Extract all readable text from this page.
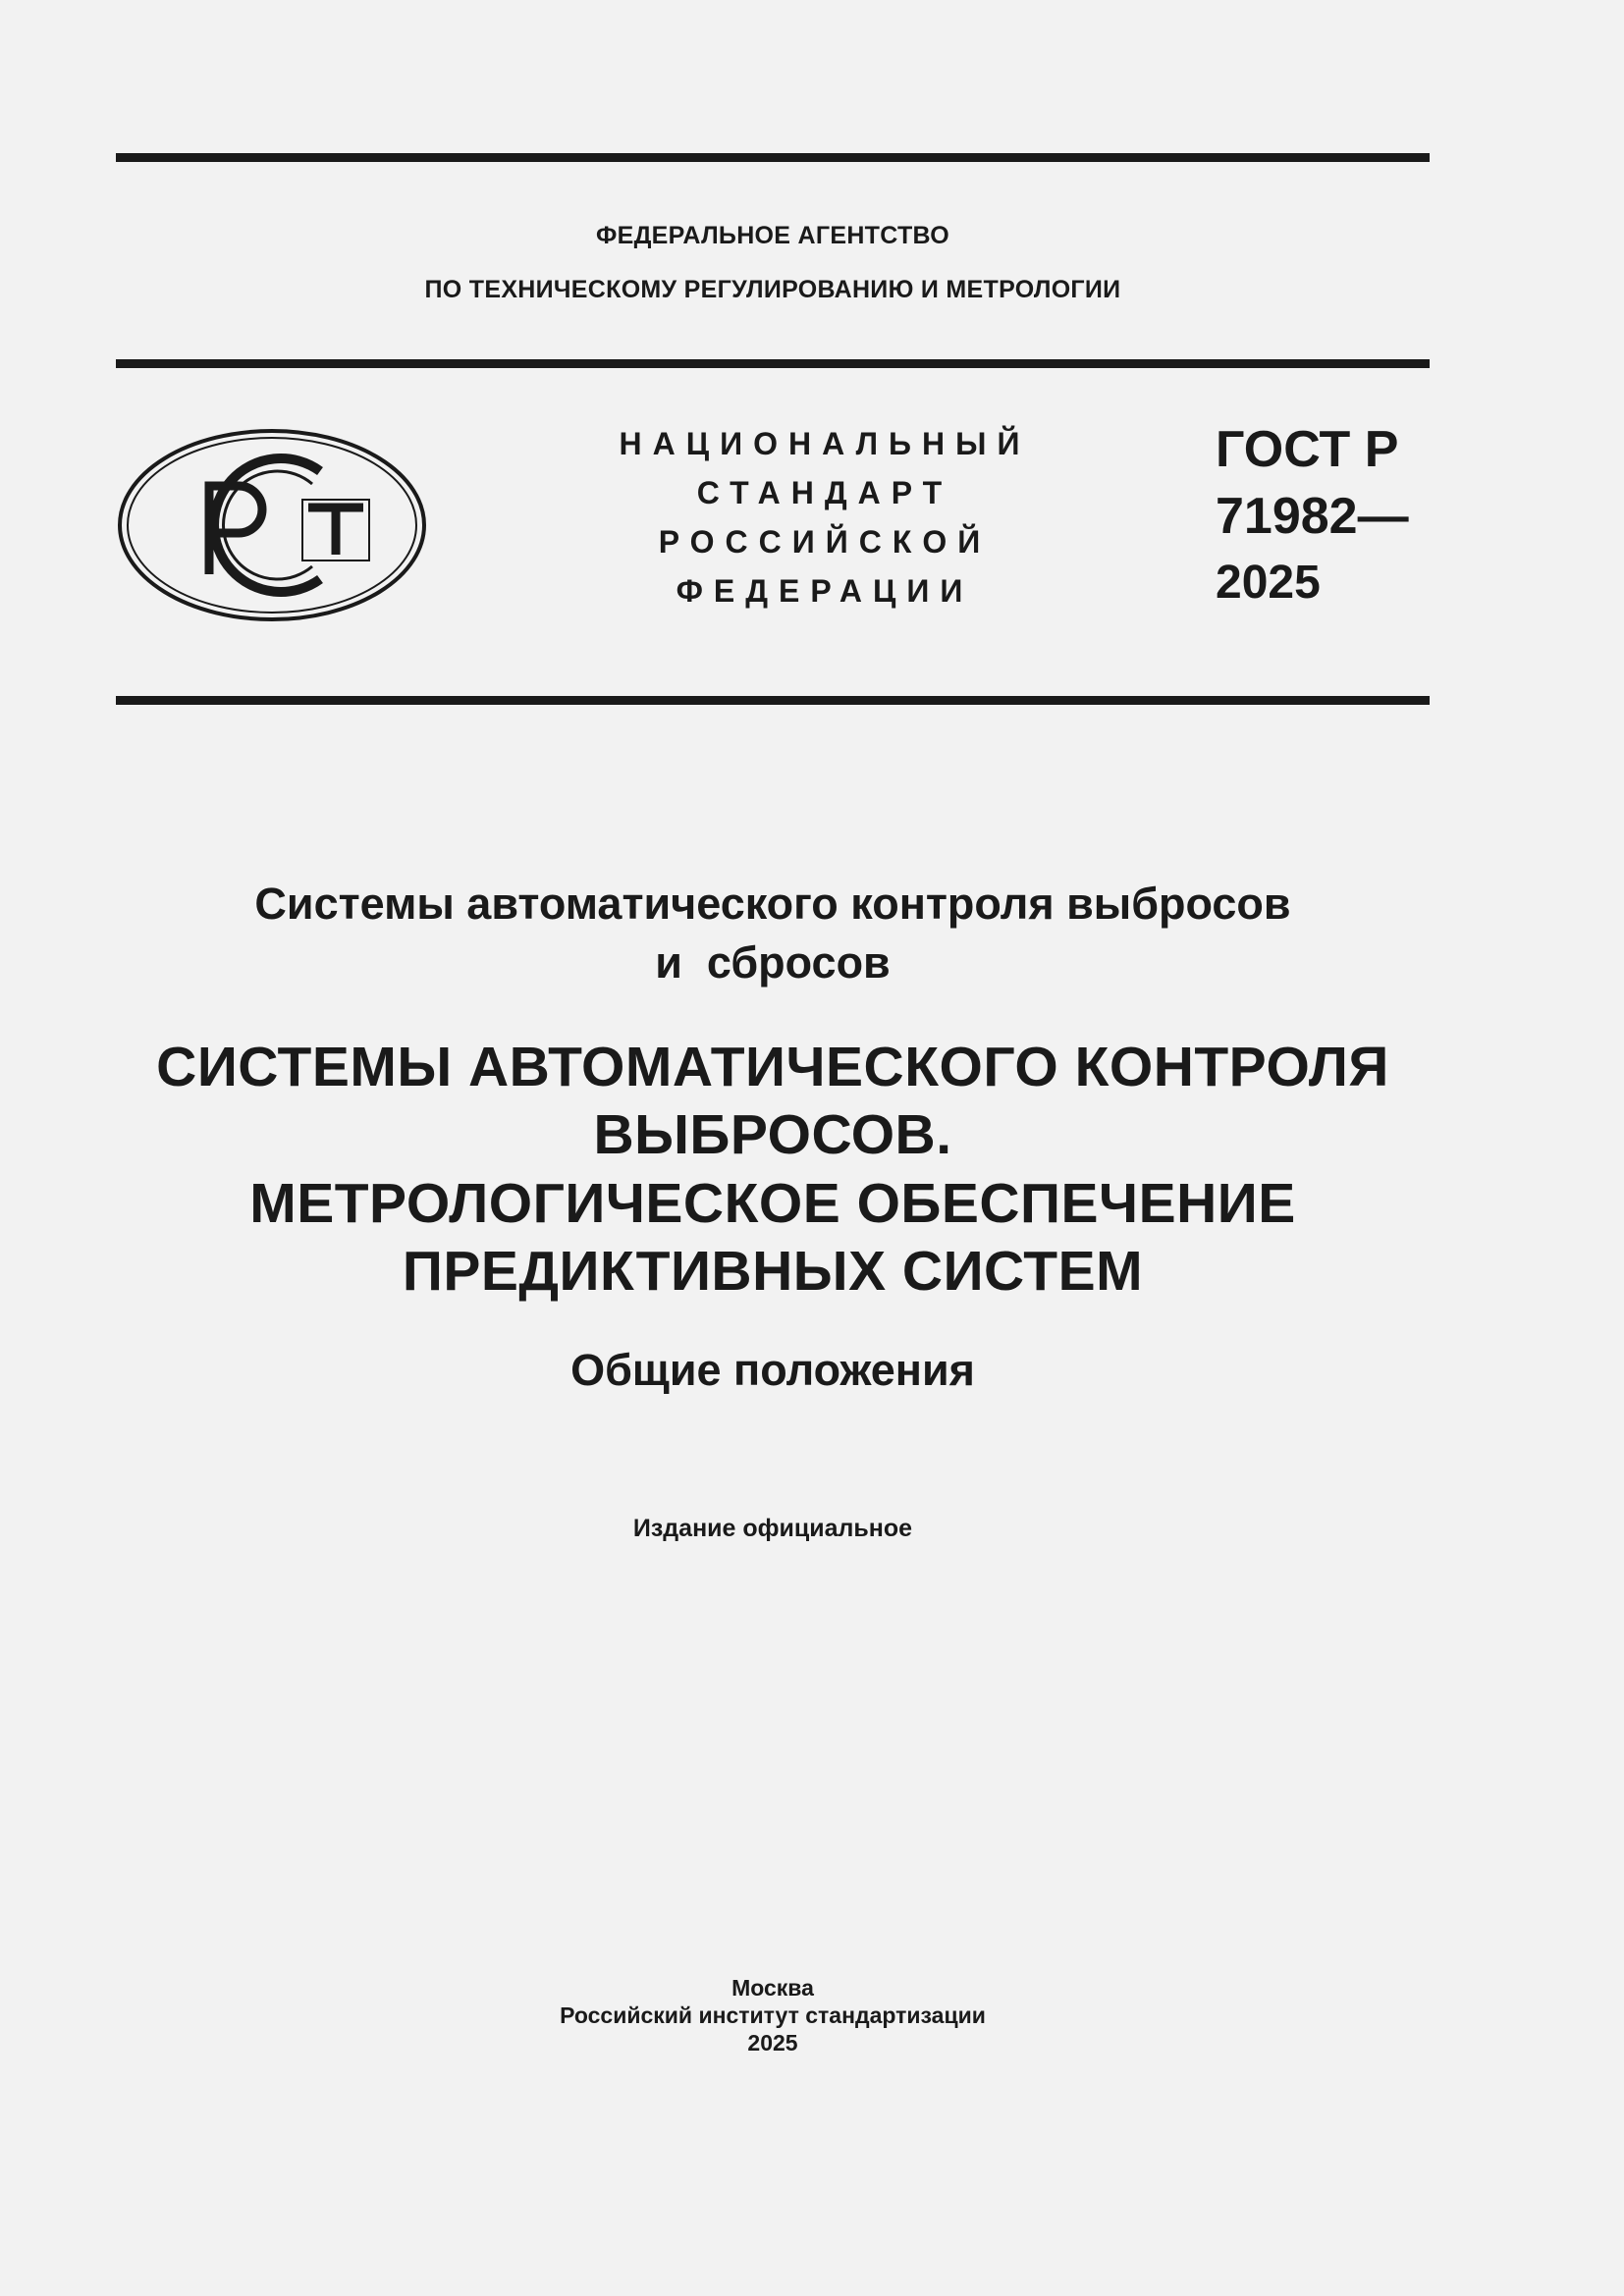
ФЕДЕРАЛЬНОЕ АГЕНТСТВО
ПО ТЕХНИЧЕСКОМУ РЕГУЛИРОВАНИЮ И МЕТРОЛОГИИ
НАЦИОНАЛЬНЫЙ
СТАНДАРТ
РОССИЙСКОЙ
ФЕДЕРАЦИИ
ГОСТ Р
71982—
2025
Системы автоматического контроля выбросов
и  сбросов
СИСТЕМЫ АВТОМАТИЧЕСКОГО КОНТРОЛЯ
ВЫБРОСОВ.
МЕТРОЛОГИЧЕСКОЕ ОБЕСПЕЧЕНИЕ
ПРЕДИКТИВНЫХ СИСТЕМ
Общие положения
Издание официальное
Москва
Российский институт стандартизации
2025
